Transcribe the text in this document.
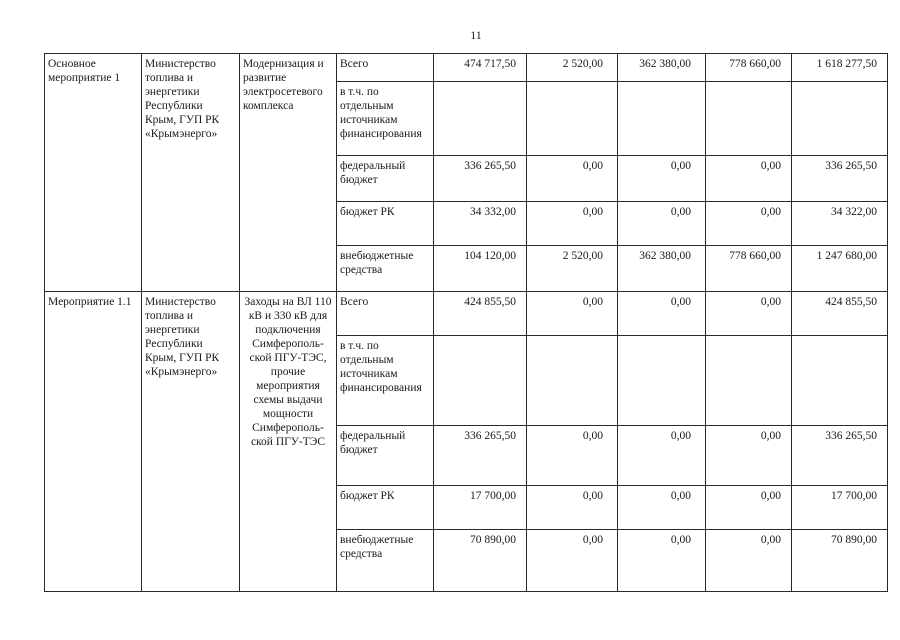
11
Основное мероприятие 1	Министерство топлива и энергетики Республики Крым, ГУП РК «Крымэнерго»	Модернизация и развитие электросетевого комплекса	Всего	474 717,50	2 520,00	362 380,00	778 660,00	1 618 277,50
			в т.ч. по отдельным источникам финансирования					
			федеральный бюджет	336 265,50	0,00	0,00	0,00	336 265,50
			бюджет РК	34 332,00	0,00	0,00	0,00	34 322,00
			внебюджетные средства	104 120,00	2 520,00	362 380,00	778 660,00	1 247 680,00
Мероприятие 1.1	Министерство топлива и энергетики Республики Крым, ГУП РК «Крымэнерго»	Заходы на ВЛ 110 кВ и 330 кВ для подключения Симферополь-ской ПГУ-ТЭС, прочие мероприятия схемы выдачи мощности Симферополь-ской ПГУ-ТЭС	Всего	424 855,50	0,00	0,00	0,00	424 855,50
			в т.ч. по отдельным источникам финансирования					
			федеральный бюджет	336 265,50	0,00	0,00	0,00	336 265,50
			бюджет РК	17 700,00	0,00	0,00	0,00	17 700,00
			внебюджетные средства	70 890,00	0,00	0,00	0,00	70 890,00
